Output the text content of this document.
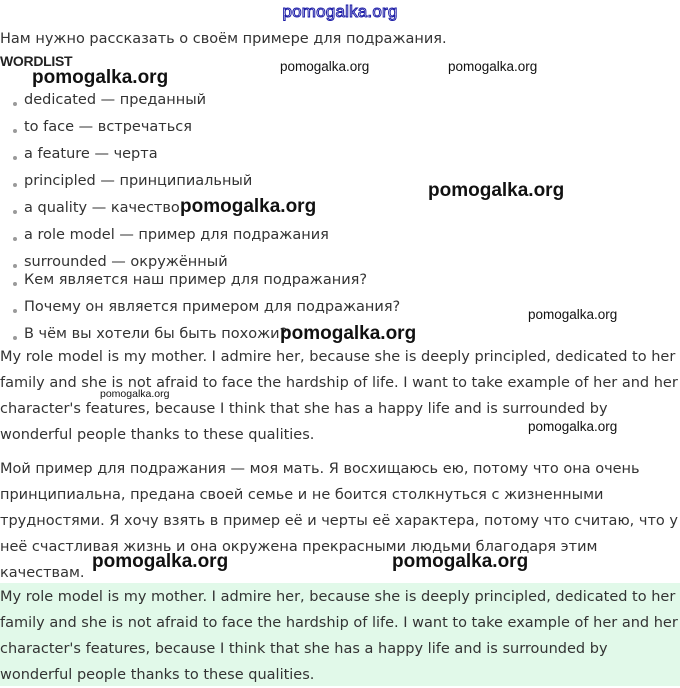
pomogalka.org
Нам нужно рассказать о своём примере для подражания.
WORDLIST
dedicated — преданный
to face — встречаться
a feature — черта
principled — принципиальный
a quality — качество
a role model — пример для подражания
surrounded — окружённый
Кем является наш пример для подражания?
Почему он является примером для подражания?
В чём вы хотели бы быть похожи?

My role model is my mother. I admire her, because she is deeply principled, dedicated to her family and she is not afraid to face the hardship of life. I want to take example of her and her character's features, because I think that she has a happy life and is surrounded by wonderful people thanks to these qualities.

Мой пример для подражания — моя мать. Я восхищаюсь ею, потому что она очень принципиальна, предана своей семье и не боится столкнуться с жизненными трудностями. Я хочу взять в пример её и черты её характера, потому что считаю, что у неё счастливая жизнь и она окружена прекрасными людьми благодаря этим качествам.

My role model is my mother. I admire her, because she is deeply principled, dedicated to her family and she is not afraid to face the hardship of life. I want to take example of her and her character's features, because I think that she has a happy life and is surrounded by wonderful people thanks to these qualities.

pomogalka.org
pomogalka.org	pomogalka.org
pomogalka.org
pomogalka.org
pomogalka.org
pomogalka.org
pomogalka.org
pomogalka.org
pomogalka.org	pomogalka.org
